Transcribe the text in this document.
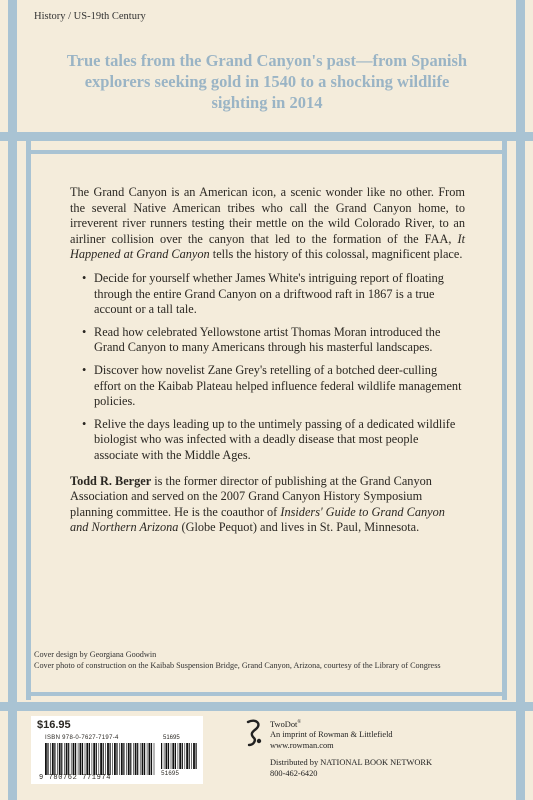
History / US-19th Century
True tales from the Grand Canyon's past—from Spanish explorers seeking gold in 1540 to a shocking wildlife sighting in 2014

The Grand Canyon is an American icon, a scenic wonder like no other. From the several Native American tribes who call the Grand Canyon home, to irreverent river runners testing their mettle on the wild Colorado River, to an airliner collision over the canyon that led to the formation of the FAA, It Happened at Grand Canyon tells the history of this colossal, magnificent place.

• Decide for yourself whether James White's intriguing report of floating through the entire Grand Canyon on a driftwood raft in 1867 is a true account or a tall tale.
• Read how celebrated Yellowstone artist Thomas Moran introduced the Grand Canyon to many Americans through his masterful landscapes.
• Discover how novelist Zane Grey's retelling of a botched deer-culling effort on the Kaibab Plateau helped influence federal wildlife management policies.
• Relive the days leading up to the untimely passing of a dedicated wildlife biologist who was infected with a deadly disease that most people associate with the Middle Ages.

Todd R. Berger is the former director of publishing at the Grand Canyon Association and served on the 2007 Grand Canyon History Symposium planning committee. He is the coauthor of Insiders' Guide to Grand Canyon and Northern Arizona (Globe Pequot) and lives in St. Paul, Minnesota.

Cover design by Georgiana Goodwin
Cover photo of construction on the Kaibab Suspension Bridge, Grand Canyon, Arizona, courtesy of the Library of Congress
$16.95
ISBN 978-0-7627-7197-4	51695
9 780762 771974
51695
TwoDot®
An imprint of Rowman & Littlefield
www.rowman.com
Distributed by NATIONAL BOOK NETWORK
800-462-6420
